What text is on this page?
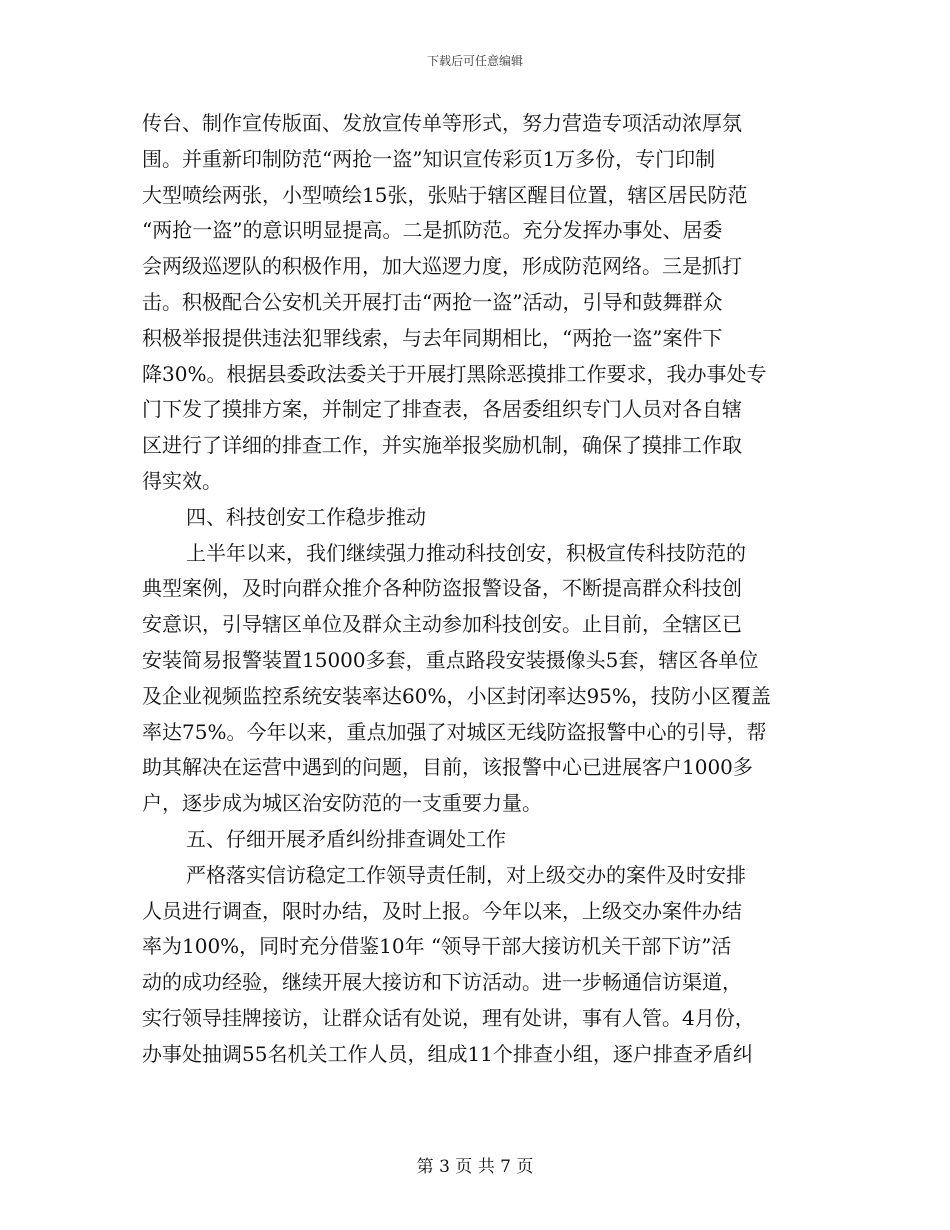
下载后可任意编辑
传台、制作宣传版面、发放宣传单等形式，努力营造专项活动浓厚氛
围。并重新印制防范“两抢一盗”知识宣传彩页1万多份，专门印制
大型喷绘两张，小型喷绘15张，张贴于辖区醒目位置，辖区居民防范
“两抢一盗”的意识明显提高。二是抓防范。充分发挥办事处、居委
会两级巡逻队的积极作用，加大巡逻力度，形成防范网络。三是抓打
击。积极配合公安机关开展打击“两抢一盗”活动，引导和鼓舞群众
积极举报提供违法犯罪线索，与去年同期相比，“两抢一盗”案件下
降30%。根据县委政法委关于开展打黑除恶摸排工作要求，我办事处专
门下发了摸排方案，并制定了排查表，各居委组织专门人员对各自辖
区进行了详细的排查工作，并实施举报奖励机制，确保了摸排工作取
得实效。
四、科技创安工作稳步推动
上半年以来，我们继续强力推动科技创安，积极宣传科技防范的
典型案例，及时向群众推介各种防盗报警设备，不断提高群众科技创
安意识，引导辖区单位及群众主动参加科技创安。止目前，全辖区已
安装简易报警装置15000多套，重点路段安装摄像头5套，辖区各单位
及企业视频监控系统安装率达60%，小区封闭率达95%，技防小区覆盖
率达75%。今年以来，重点加强了对城区无线防盗报警中心的引导，帮
助其解决在运营中遇到的问题，目前，该报警中心已进展客户1000多
户，逐步成为城区治安防范的一支重要力量。
五、仔细开展矛盾纠纷排查调处工作
严格落实信访稳定工作领导责任制，对上级交办的案件及时安排
人员进行调查，限时办结，及时上报。今年以来，上级交办案件办结
率为100%，同时充分借鉴10年 “领导干部大接访机关干部下访”活
动的成功经验，继续开展大接访和下访活动。进一步畅通信访渠道，
实行领导挂牌接访，让群众话有处说，理有处讲，事有人管。4月份，
办事处抽调55名机关工作人员，组成11个排查小组，逐户排查矛盾纠
第 3 页 共 7 页
